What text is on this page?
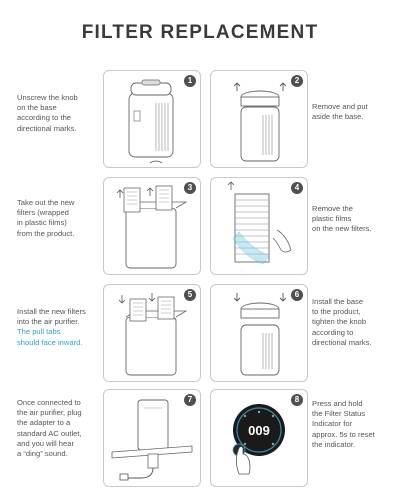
FILTER REPLACEMENT
Unscrew the knob
on the base
according to the
directional marks.
1	2
Remove and put
aside the base.
Take out the new
filters (wrapped
in plastic films)
from the product.
3	4
Remove the
plastic films
on the new filters.
Install the new filters
into the air purifier.
The pull tabs
should face inward.
5	6
Install the base
to the product,
tighten the knob
according to
directional marks.
Once connected to
the air purifier, plug
the adapter to a
standard AC outlet,
and you will hear
a “ding” sound.
7
009
8	Press and hold
the Filter Status
Indicator for
approx. 5s to reset
the indicator.
